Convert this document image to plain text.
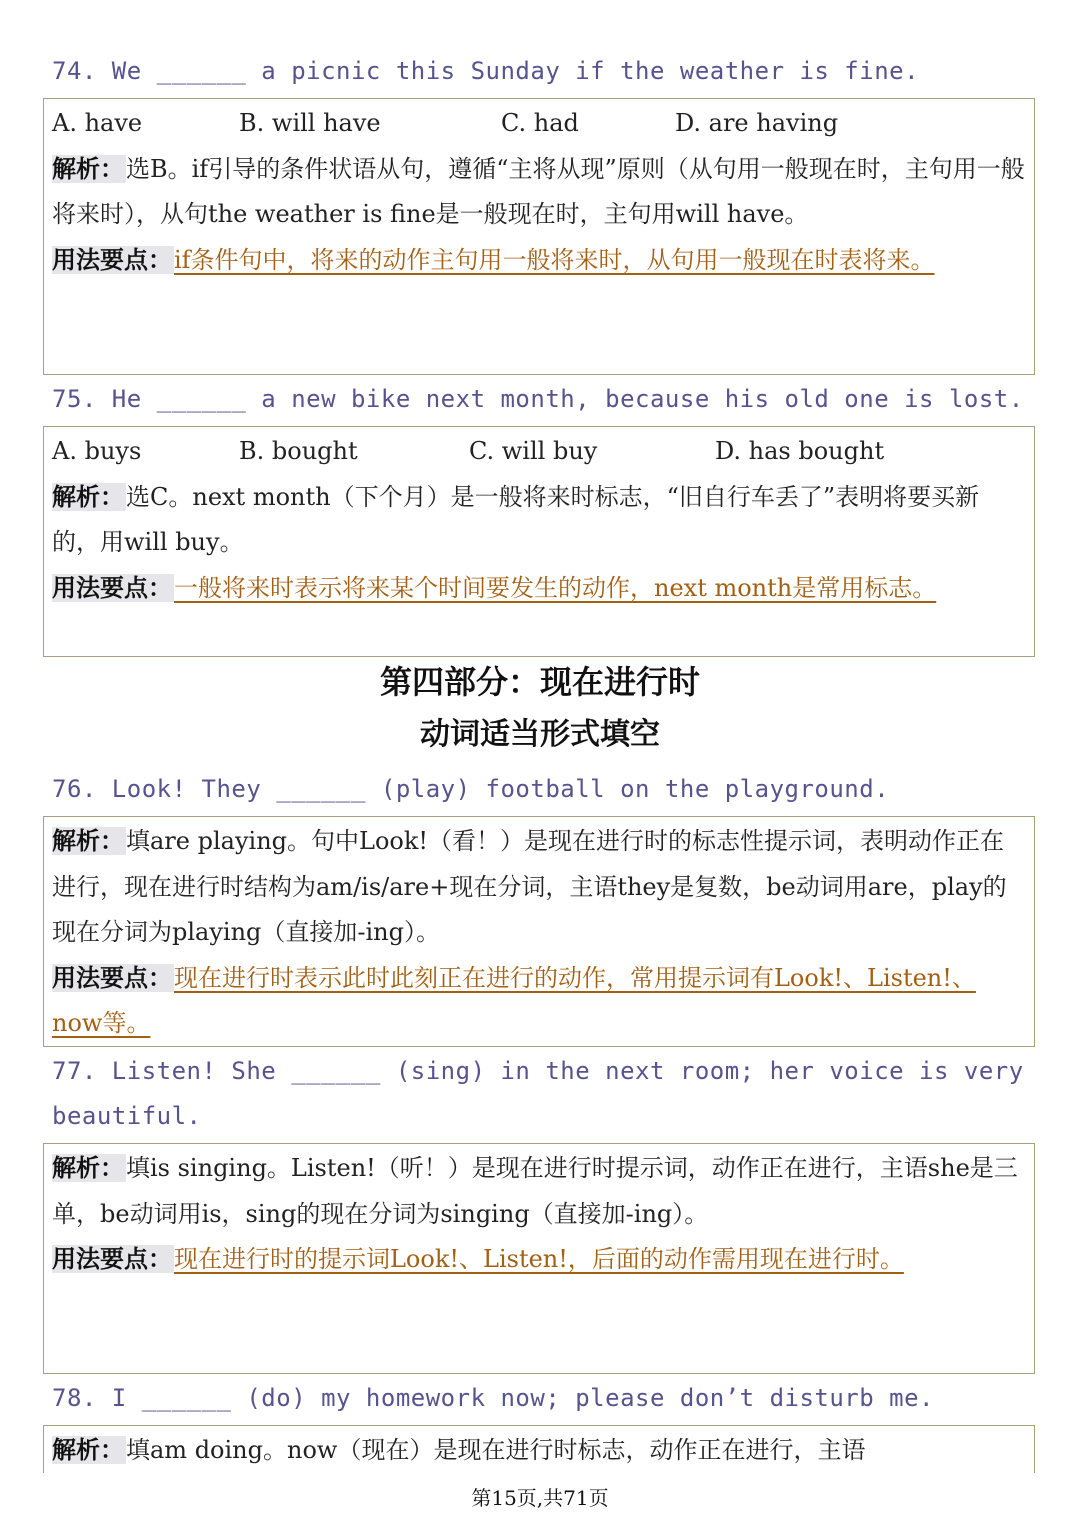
74. We ______ a picnic this Sunday if the weather is fine.
A. have	B. will have	C. had	D. are having
解析：选B。if引导的条件状语从句，遵循“主将从现”原则（从句用一般现在时，主句用一般将来时），从句the weather is fine是一般现在时，主句用will have。
用法要点：if条件句中，将来的动作主句用一般将来时，从句用一般现在时表将来。
75. He ______ a new bike next month, because his old one is lost.
A. buys	B. bought	C. will buy	D. has bought
解析：选C。next month（下个月）是一般将来时标志，“旧自行车丢了”表明将要买新的，用will buy。
用法要点：一般将来时表示将来某个时间要发生的动作，next month是常用标志。
第四部分：现在进行时
动词适当形式填空
76. Look! They ______ (play) football on the playground.
解析：填are playing。句中Look!（看！）是现在进行时的标志性提示词，表明动作正在进行，现在进行时结构为am/is/are+现在分词，主语they是复数，be动词用are，play的现在分词为playing（直接加-ing）。
用法要点：现在进行时表示此时此刻正在进行的动作，常用提示词有Look!、Listen!、now等。
77. Listen! She ______ (sing) in the next room; her voice is very beautiful.
解析：填is singing。Listen!（听！）是现在进行时提示词，动作正在进行，主语she是三单，be动词用is，sing的现在分词为singing（直接加-ing）。
用法要点：现在进行时的提示词Look!、Listen!，后面的动作需用现在进行时。
78. I ______ (do) my homework now; please don’t disturb me.
解析：填am doing。now（现在）是现在进行时标志，动作正在进行，主语
第15页,共71页
